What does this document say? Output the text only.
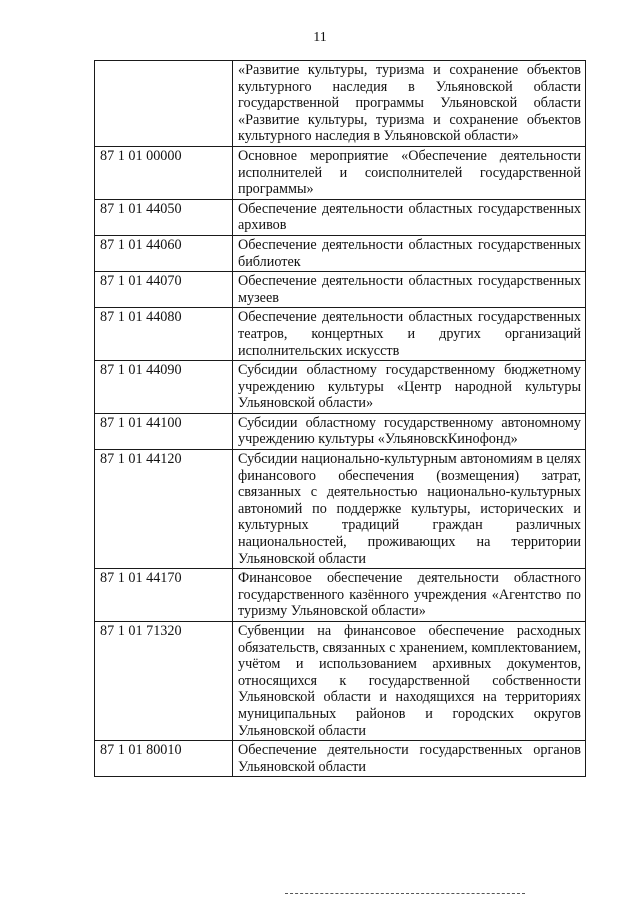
11
	«Развитие культуры, туризма и сохранение объектов культурного наследия в Ульяновской области государственной программы Ульяновской области «Развитие культуры, туризма и сохранение объектов культурного наследия в Ульяновской области»
87 1 01 00000	Основное мероприятие «Обеспечение деятельности исполнителей и соисполнителей государственной программы»
87 1 01 44050	Обеспечение деятельности областных государственных архивов
87 1 01 44060	Обеспечение деятельности областных государственных библиотек
87 1 01 44070	Обеспечение деятельности областных государственных музеев
87 1 01 44080	Обеспечение деятельности областных государственных театров, концертных и других организаций исполнительских искусств
87 1 01 44090	Субсидии областному государственному бюджетному учреждению культуры «Центр народной культуры Ульяновской области»
87 1 01 44100	Субсидии областному государственному автономному учреждению культуры «УльяновскКинофонд»
87 1 01 44120	Субсидии национально-культурным автономиям в целях финансового обеспечения (возмещения) затрат, связанных с деятельностью национально-культурных автономий по поддержке культуры, исторических и культурных традиций граждан различных национальностей, проживающих на территории Ульяновской области
87 1 01 44170	Финансовое обеспечение деятельности областного государственного казённого учреждения «Агентство по туризму Ульяновской области»
87 1 01 71320	Субвенции на финансовое обеспечение расходных обязательств, связанных с хранением, комплектованием, учётом и использованием архивных документов, относящихся к государственной собственности Ульяновской области и находящихся на территориях муниципальных районов и городских округов Ульяновской области
87 1 01 80010	Обеспечение деятельности государственных органов Ульяновской области
